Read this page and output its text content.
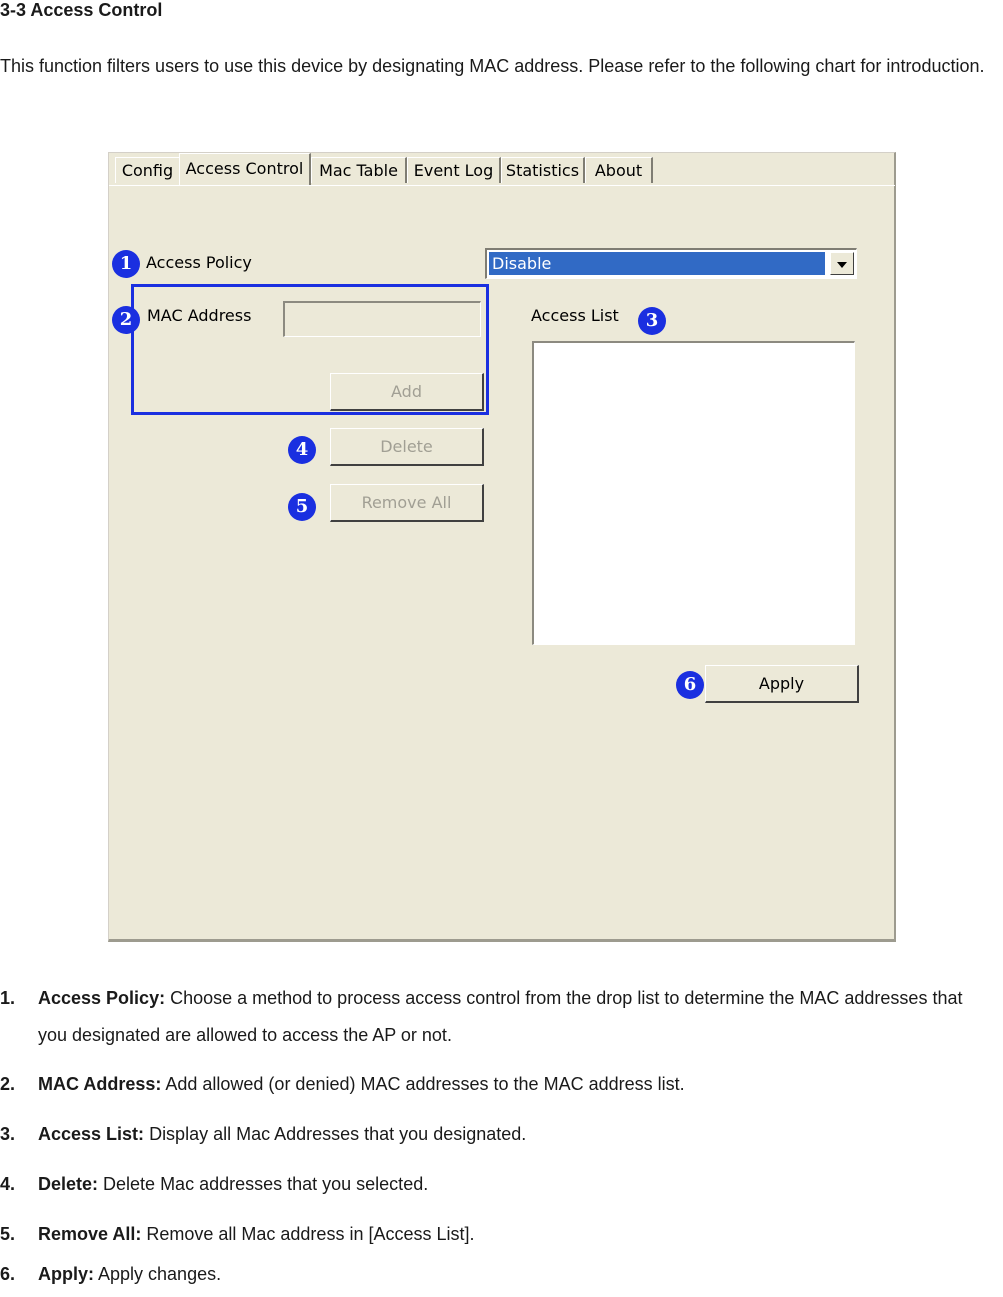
3-3 Access Control
This function filters users to use this device by designating MAC address. Please refer to the following chart for introduction.
Config Access Control Mac Table Event Log Statistics About
1 Access Policy	Disable
2 MAC Address
Add
4	Delete
5	Remove All
Access List	3
6	Apply
1. Access Policy: Choose a method to process access control from the drop list to determine the MAC addresses that you designated are allowed to access the AP or not.
2. MAC Address: Add allowed (or denied) MAC addresses to the MAC address list.
3. Access List: Display all Mac Addresses that you designated.
4. Delete: Delete Mac addresses that you selected.
5. Remove All: Remove all Mac address in [Access List].
6. Apply: Apply changes.
